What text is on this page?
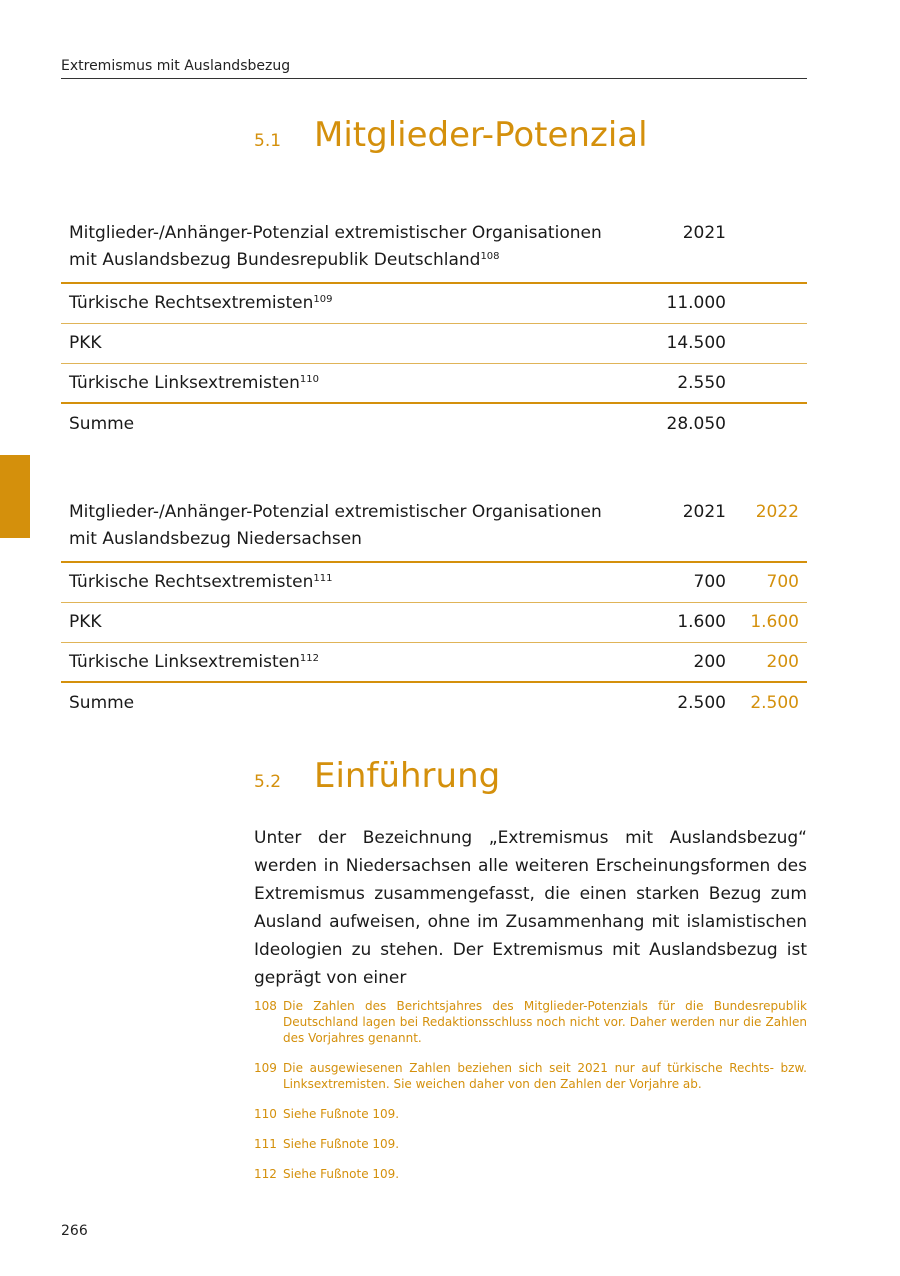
Extremismus mit Auslandsbezug
5.1 Mitglieder-Potenzial
Mitglieder-/Anhänger-Potenzial extremistischer Organisationen
mit Auslandsbezug Bundesrepublik Deutschland$^{108}$	2021	
Türkische Rechtsextremisten$^{109}$	11.000	
PKK	14.500	
Türkische Linksextremisten$^{110}$	2.550	
Summe	28.050	
Mitglieder-/Anhänger-Potenzial extremistischer Organisationen
mit Auslandsbezug Niedersachsen	2021	2022
Türkische Rechtsextremisten$^{111}$	700	700
PKK	1.600	1.600
Türkische Linksextremisten$^{112}$	200	200
Summe	2.500	2.500
5.2 Einführung

Unter der Bezeichnung „Extremismus mit Auslandsbezug“ werden in Niedersachsen alle weiteren Erscheinungsformen des Extremismus zusammengefasst, die einen starken Bezug zum Ausland aufweisen, ohne im Zusammenhang mit islamistischen Ideologien zu stehen. Der Extremismus mit Auslandsbezug ist geprägt von einer

108 Die Zahlen des Berichtsjahres des Mitglieder-Potenzials für die Bundesrepublik Deutschland lagen bei Redaktionsschluss noch nicht vor. Daher werden nur die Zahlen des Vorjahres genannt.
109 Die ausgewiesenen Zahlen beziehen sich seit 2021 nur auf türkische Rechts- bzw. Linksextremisten. Sie weichen daher von den Zahlen der Vorjahre ab.
110 Siehe Fußnote 109.
111 Siehe Fußnote 109.
112 Siehe Fußnote 109.
266
